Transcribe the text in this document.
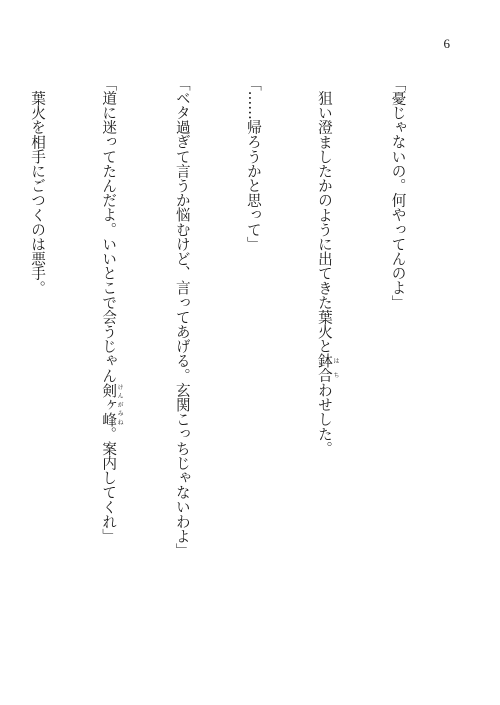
6

「憂じゃないの。何やってんのよ」

　狙い澄ましたかのように出てきた葉火と鉢合 はちわせした。

「……帰ろうかと思って」

「ベタ過ぎて言うか悩むけど、言ってあげる。玄関こっちじゃないわよ」

「道に迷ってたんだよ。いいとこで会うじゃん剣ヶ峰 けんがみね。案内してくれ」

　葉火を相手にごつくのは悪手。
